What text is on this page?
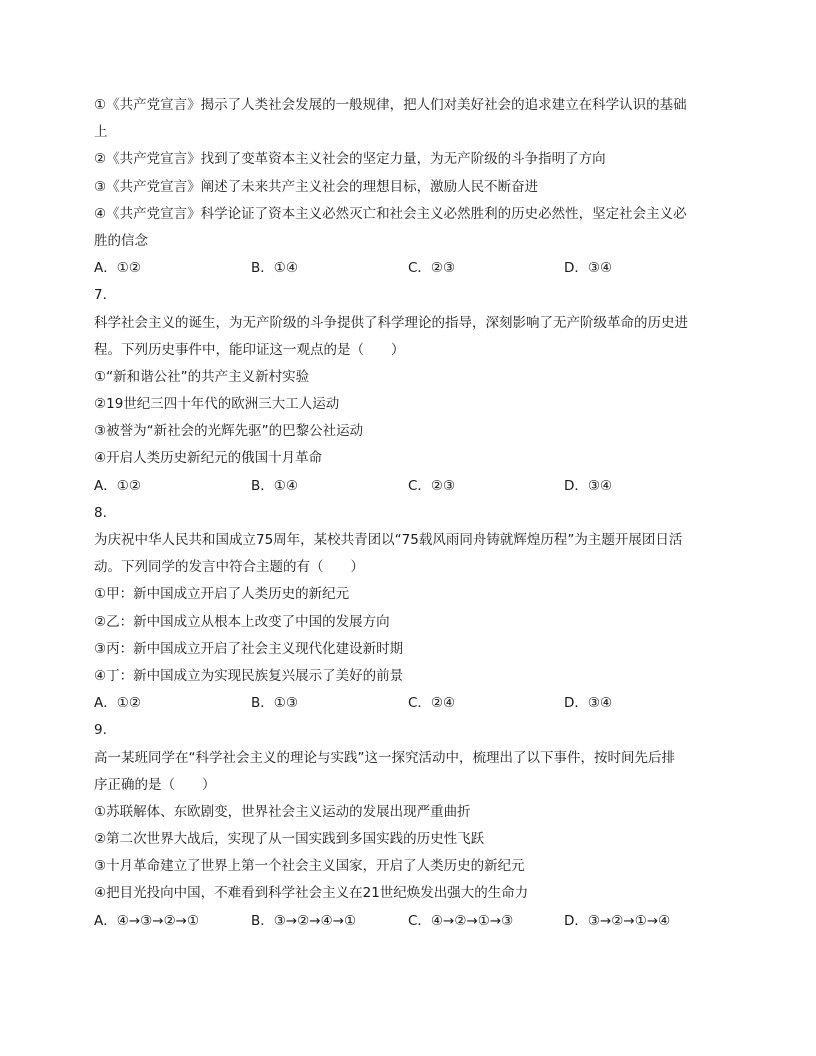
①《共产党宣言》揭示了人类社会发展的一般规律，把人们对美好社会的追求建立在科学认识的基础
上
②《共产党宣言》找到了变革资本主义社会的坚定力量，为无产阶级的斗争指明了方向
③《共产党宣言》阐述了未来共产主义社会的理想目标，激励人民不断奋进
④《共产党宣言》科学论证了资本主义必然灭亡和社会主义必然胜利的历史必然性，坚定社会主义必
胜的信念
A．①②	B．①④	C．②③	D．③④
7.
科学社会主义的诞生，为无产阶级的斗争提供了科学理论的指导，深刻影响了无产阶级革命的历史进
程。下列历史事件中，能印证这一观点的是（　　）
①“新和谐公社”的共产主义新村实验
②19世纪三四十年代的欧洲三大工人运动
③被誉为“新社会的光辉先驱”的巴黎公社运动
④开启人类历史新纪元的俄国十月革命
A．①②	B．①④	C．②③	D．③④
8.
为庆祝中华人民共和国成立75周年，某校共青团以“75载风雨同舟铸就辉煌历程”为主题开展团日活
动。下列同学的发言中符合主题的有（　　）
①甲：新中国成立开启了人类历史的新纪元
②乙：新中国成立从根本上改变了中国的发展方向
③丙：新中国成立开启了社会主义现代化建设新时期
④丁：新中国成立为实现民族复兴展示了美好的前景
A．①②	B．①③	C．②④	D．③④
9.
高一某班同学在“科学社会主义的理论与实践”这一探究活动中，梳理出了以下事件，按时间先后排
序正确的是（　　）
①苏联解体、东欧剧变，世界社会主义运动的发展出现严重曲折
②第二次世界大战后，实现了从一国实践到多国实践的历史性飞跃
③十月革命建立了世界上第一个社会主义国家，开启了人类历史的新纪元
④把目光投向中国，不难看到科学社会主义在21世纪焕发出强大的生命力
A．④→③→②→①	B．③→②→④→①	C．④→②→①→③	D．③→②→①→④
